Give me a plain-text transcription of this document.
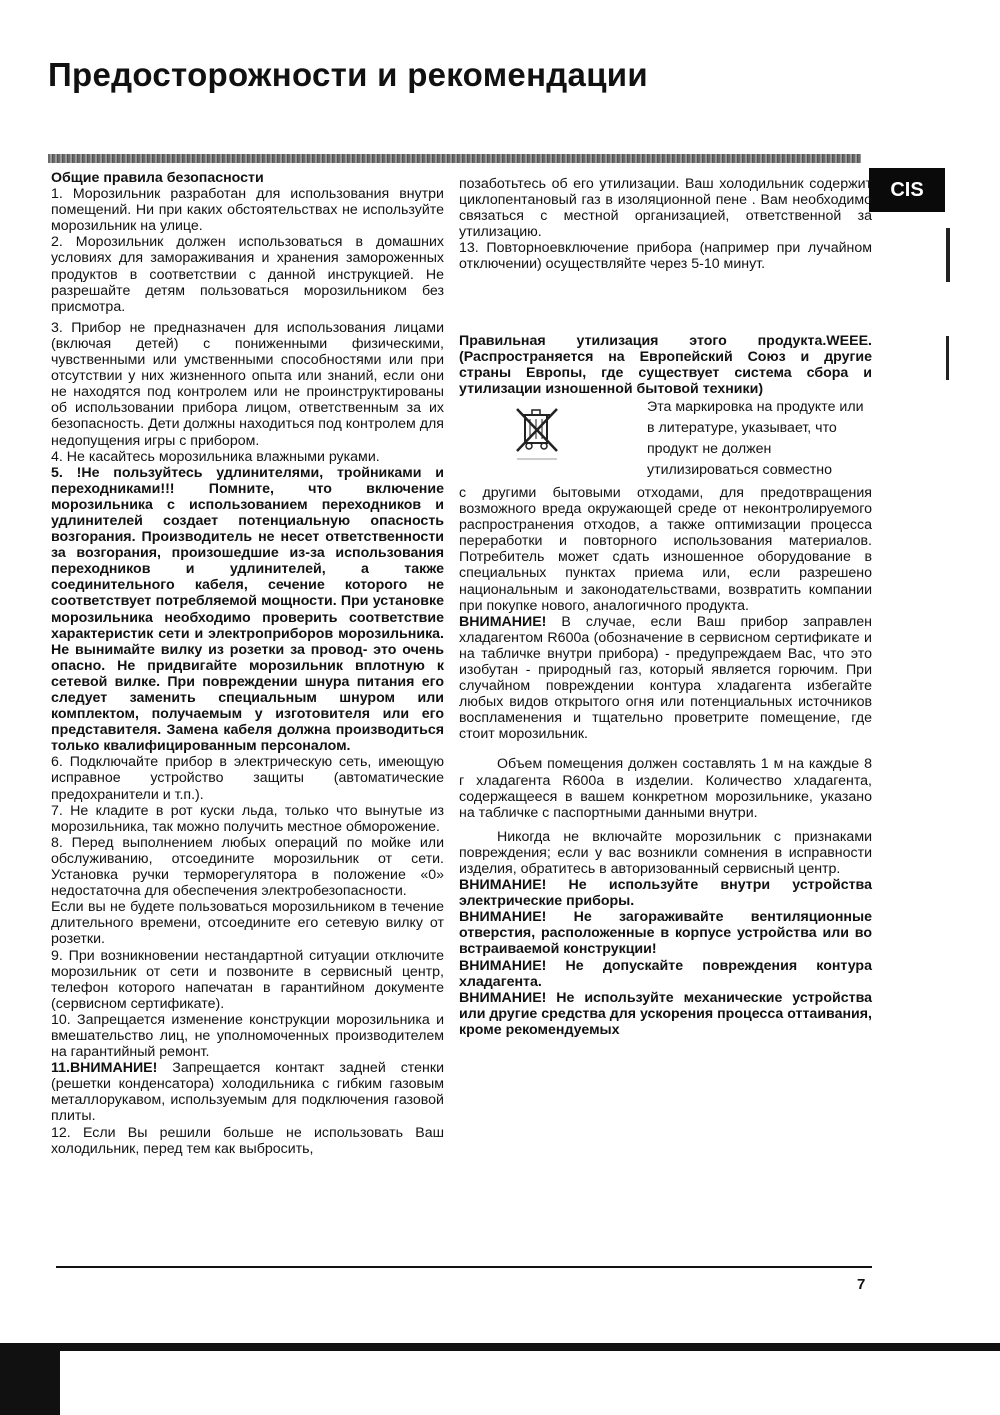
Предосторожности и рекомендации
CIS

Общие правила безопасности

1. Морозильник разработан для использования внутри помещений. Ни при каких обстоятельствах не используйте морозильник на улице.

2. Морозильник должен использоваться в домашних условиях для замораживания и хранения замороженных продуктов в соответствии с данной инструкцией. Не разрешайте детям пользоваться морозильником без присмотра.

3. Прибор не предназначен для использования лицами (включая детей) с пониженными физическими, чувственными или умственными способностями или при отсутствии у них жизненного опыта или знаний, если они не находятся под контролем или не проинструктированы об использовании прибора лицом, ответственным за их безопасность. Дети должны находиться под контролем для недопущения игры с прибором.

4. Не касайтесь морозильника влажными руками.

5. !Не пользуйтесь удлинителями, тройниками и переходниками!!! Помните, что включение морозильника с использованием переходников и удлинителей создает потенциальную опасность возгорания. Производитель не несет ответственности за возгорания, произошедшие из-за использования переходников и удлинителей, а также соединительного кабеля, сечение которого не соответствует потребляемой мощности. При установке морозильника необходимо проверить соответствие характеристик сети и электроприборов морозильника. Не вынимайте вилку из розетки за провод- это очень опасно. Не придвигайте морозильник вплотную к сетевой вилке. При повреждении шнура питания его следует заменить специальным шнуром или комплектом, получаемым у изготовителя или его представителя. Замена кабеля должна производиться только квалифицированным персоналом.

6. Подключайте прибор в электрическую сеть, имеющую исправное устройство защиты (автоматические предохранители и т.п.).

7. Не кладите в рот куски льда, только что вынутые из морозильника, так можно получить местное обморожение.

8. Перед выполнением любых операций по мойке или обслуживанию, отсоедините морозильник от сети. Установка ручки терморегулятора в положение «0» недостаточна для обеспечения электробезопасности.

Если вы не будете пользоваться морозильником в течение длительного времени, отсоедините его сетевую вилку от розетки.

9. При возникновении нестандартной ситуации отключите морозильник от сети и позвоните в сервисный центр, телефон которого напечатан в гарантийном документе (сервисном сертификате).

10. Запрещается изменение конструкции морозильника и вмешательство лиц, не уполномоченных производителем на гарантийный ремонт.

11.ВНИМАНИЕ! Запрещается контакт задней стенки (решетки конденсатора) холодильника с гибким газовым металлорукавом, используемым для подключения газовой плиты.

12. Если Вы решили больше не использовать Ваш холодильник, перед тем как выбросить,

позаботьтесь об его утилизации. Ваш холодильник содержит циклопентановый газ в изоляционной пене . Вам необходимо связаться с местной организацией, ответственной за утилизацию.

13. Повторноевключение прибора (например при лучайном отключении) осуществляйте через 5-10 минут.

Правильная утилизация этого продукта.WEEE. (Распространяется на Европейский Союз и другие страны Европы, где существует система сбора и утилизации изношенной бытовой техники)

Эта маркировка на продукте или в литературе, указывает, что продукт не должен утилизироваться совместно

с другими бытовыми отходами, для предотвращения возможного вреда окружающей среде от неконтролируемого распространения отходов, а также оптимизации процесса переработки и повторного использования материалов. Потребитель может сдать изношенное оборудование в специальных пунктах приема или, если разрешено национальным и законодательствами, возвратить компании при покупке нового, аналогичного продукта.

ВНИМАНИЕ! В случае, если Ваш прибор заправлен хладагентом R600a (обозначение в сервисном сертификате и на табличке внутри прибора) - предупреждаем Вас, что это изобутан - природный газ, который является горючим. При случайном повреждении контура хладагента избегайте любых видов открытого огня или потенциальных источников воспламенения и тщательно проветрите помещение, где стоит морозильник.

Объем помещения должен составлять 1 м на каждые 8 г хладагента R600a в изделии. Количество хладагента, содержащееся в вашем конкретном морозильнике, указано на табличке с паспортными данными внутри.

Никогда не включайте морозильник с признаками повреждения; если у вас возникли сомнения в исправности изделия, обратитесь в авторизованный сервисный центр.

ВНИМАНИЕ! Не используйте внутри устройства электрические приборы.

ВНИМАНИЕ! Не загораживайте вентиляционные отверстия, расположенные в корпусе устройства или во встраиваемой конструкции!

ВНИМАНИЕ! Не допускайте повреждения контура хладагента.

ВНИМАНИЕ! Не используйте механические устройства или другие средства для ускорения процесса оттаивания, кроме рекомендуемых

7
